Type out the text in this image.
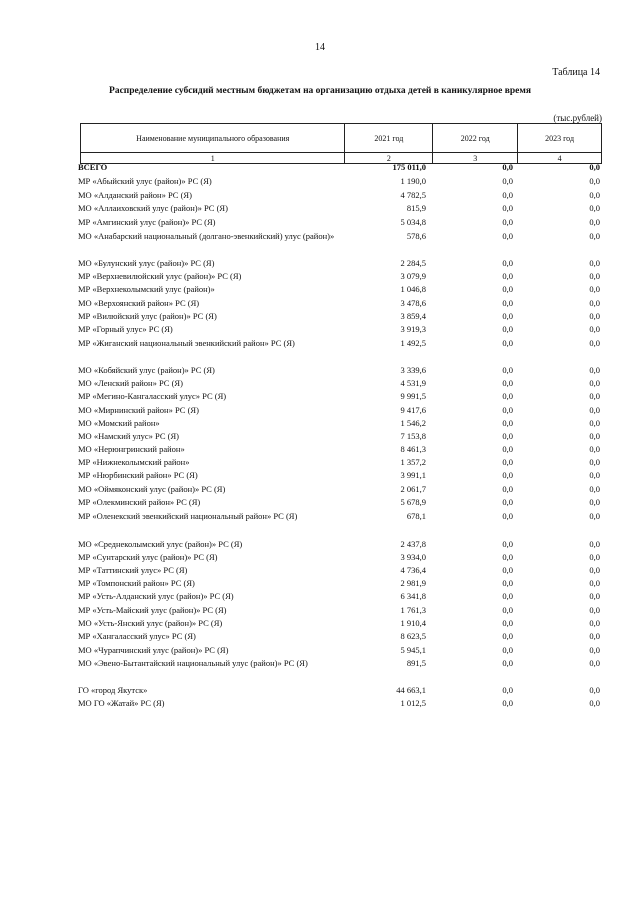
14
Таблица 14
Распределение субсидий местным бюджетам на организацию отдыха детей в каникулярное время
(тыс.рублей)
Наименование муниципального образования	2021 год	2022 год	2023 год
1	2	3	4
ВСЕГО	175 011,0	0,0	0,0
МР «Абыйский улус (район)» РС (Я)	1 190,0	0,0	0,0
МО «Алданский район» РС (Я)	4 782,5	0,0	0,0
МО «Аллаиховский улус (район)» РС (Я)	815,9	0,0	0,0
МР «Амгинский улус (район)» РС (Я)	5 034,8	0,0	0,0
МО «Анабарский национальный (долгано-эвенкийский) улус (район)»	578,6	0,0	0,0
МО «Булунский улус (район)» РС (Я)	2 284,5	0,0	0,0
МР «Верхневилюйский улус (район)» РС (Я)	3 079,9	0,0	0,0
МР «Верхнеколымский улус (район)»	1 046,8	0,0	0,0
МО «Верхоянский район» РС (Я)	3 478,6	0,0	0,0
МР «Вилюйский улус (район)» РС (Я)	3 859,4	0,0	0,0
МР «Горный улус» РС (Я)	3 919,3	0,0	0,0
МР «Жиганский национальный эвенкийский район» РС (Я)	1 492,5	0,0	0,0
МО «Кобяйский улус (район)» РС (Я)	3 339,6	0,0	0,0
МО «Ленский район» РС (Я)	4 531,9	0,0	0,0
МР «Мегино-Кангаласский улус» РС (Я)	9 991,5	0,0	0,0
МО «Мирнинский район» РС (Я)	9 417,6	0,0	0,0
МО «Момский район»	1 546,2	0,0	0,0
МО «Намский улус» РС (Я)	7 153,8	0,0	0,0
МО «Нерюнгринский район»	8 461,3	0,0	0,0
МР «Нижнеколымский район»	1 357,2	0,0	0,0
МР «Нюрбинский район» РС (Я)	3 991,1	0,0	0,0
МО «Оймяконский улус (район)» РС (Я)	2 061,7	0,0	0,0
МР «Олекминский район» РС (Я)	5 678,9	0,0	0,0
МР «Оленекский эвенкийский национальный район» РС (Я)	678,1	0,0	0,0
МО «Среднеколымский улус (район)» РС (Я)	2 437,8	0,0	0,0
МР «Сунтарский улус (район)» РС (Я)	3 934,0	0,0	0,0
МР «Таттинский улус» РС (Я)	4 736,4	0,0	0,0
МР «Томпонский район» РС (Я)	2 981,9	0,0	0,0
МР «Усть-Алданский улус (район)» РС (Я)	6 341,8	0,0	0,0
МР «Усть-Майский улус (район)» РС (Я)	1 761,3	0,0	0,0
МО «Усть-Янский улус (район)» РС (Я)	1 910,4	0,0	0,0
МР «Хангаласский улус» РС (Я)	8 623,5	0,0	0,0
МО «Чурапчинский улус (район)» РС (Я)	5 945,1	0,0	0,0
МО «Эвено-Бытантайский национальный улус (район)» РС (Я)	891,5	0,0	0,0
ГО «город Якутск»	44 663,1	0,0	0,0
МО ГО «Жатай» РС (Я)	1 012,5	0,0	0,0
